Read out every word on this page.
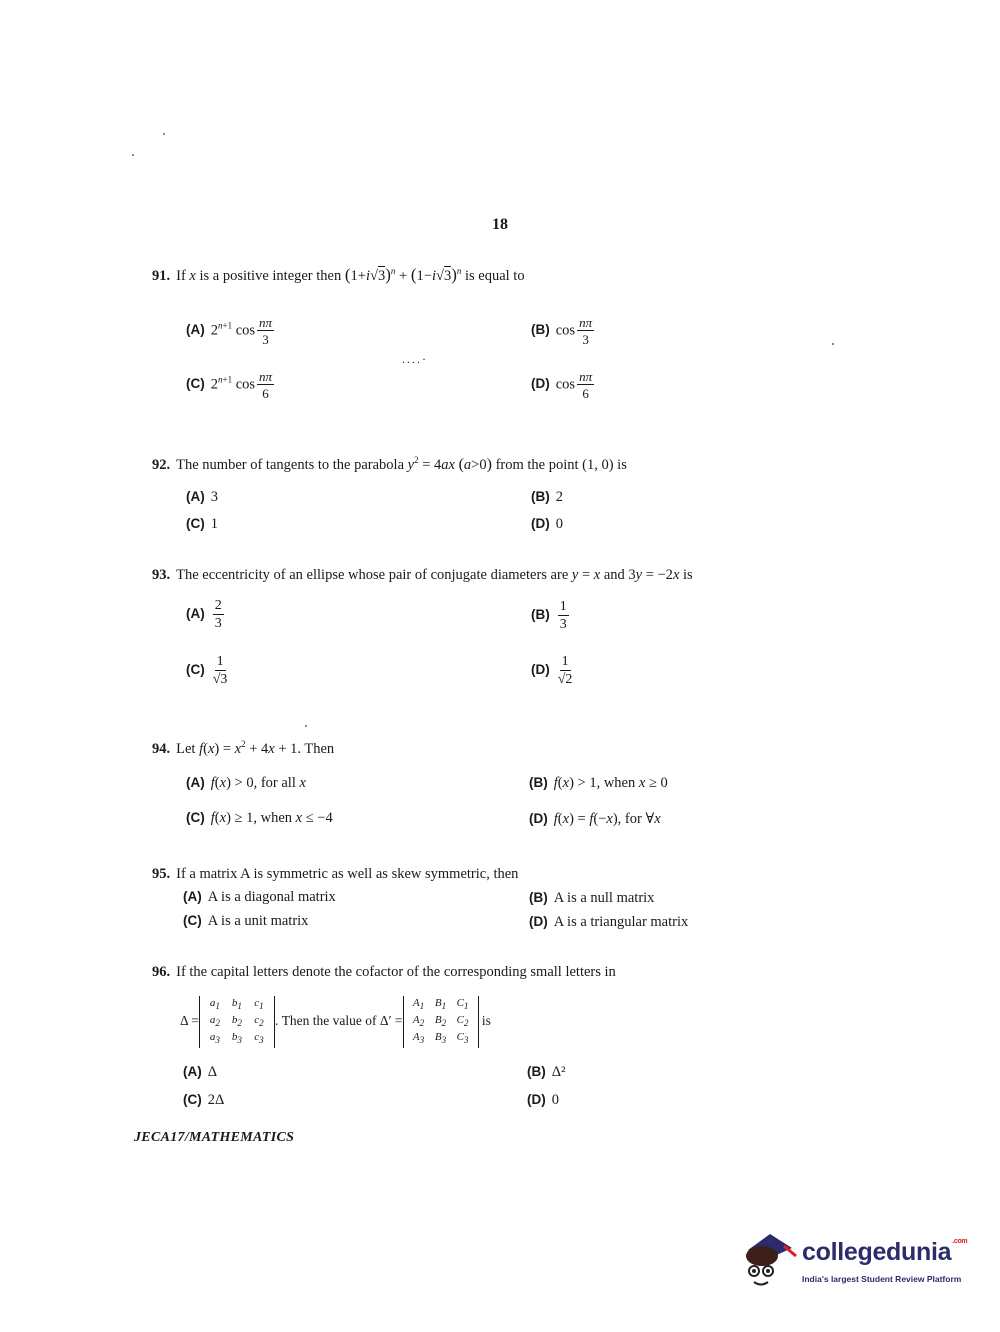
18
91. If x is a positive integer then $(1+i√3)^n + (1-i√3)^n$ is equal to
(A) $2^{n+1}$ $\cos \frac{n\pi}{3}$	(B) $\cos \frac{n\pi}{3}$
....·
(C) $2^{n+1}$ $\cos \frac{n\pi}{6}$	(D) $\cos \frac{n\pi}{6}$
92. The number of tangents to the parabola $y^2 = 4ax$ (a>0) from the point (1, 0) is
(A) 3	(B) 2
(C) 1	(D) 0
93. The eccentricity of an ellipse whose pair of conjugate diameters are y = x and 3y = −2x is
$(A) \frac{2}{3}$	$(B) \frac{1}{3}$
$(C) \frac{1}{√3}$	$(D) \frac{1}{√2}$
94. Let $f(x) = x^2 + 4x + 1$. Then
(A) f(x) > 0, for all x	(B) f(x) > 1, when x ≥ 0
(C) f(x) ≥ 1, when x ≤ −4	(D) f(x) = f(−x), for ∀x
95. If a matrix A is symmetric as well as skew symmetric, then
(A) A is a diagonal matrix	(B) A is a null matrix
(C) A is a unit matrix	(D) A is a triangular matrix
96. If the capital letters denote the cofactor of the corresponding small letters in
Δ =
$a_1$ $b_1$ $c_1$
$a_2$ $b_2$ $c_2$
$a_3$ $b_3$ $c_3$
. Then the value of Δ′ =
$A_1$ $B_1$ $C_1$
$A_2$ $B_2$ $C_2$
$A_3$ $B_3$ $C_3$
is
(A) Δ	(B) Δ²
(C) 2Δ	(D) 0
JECA17/MATHEMATICS
collegedunia$^{.com}$
India's largest Student Review Platform
